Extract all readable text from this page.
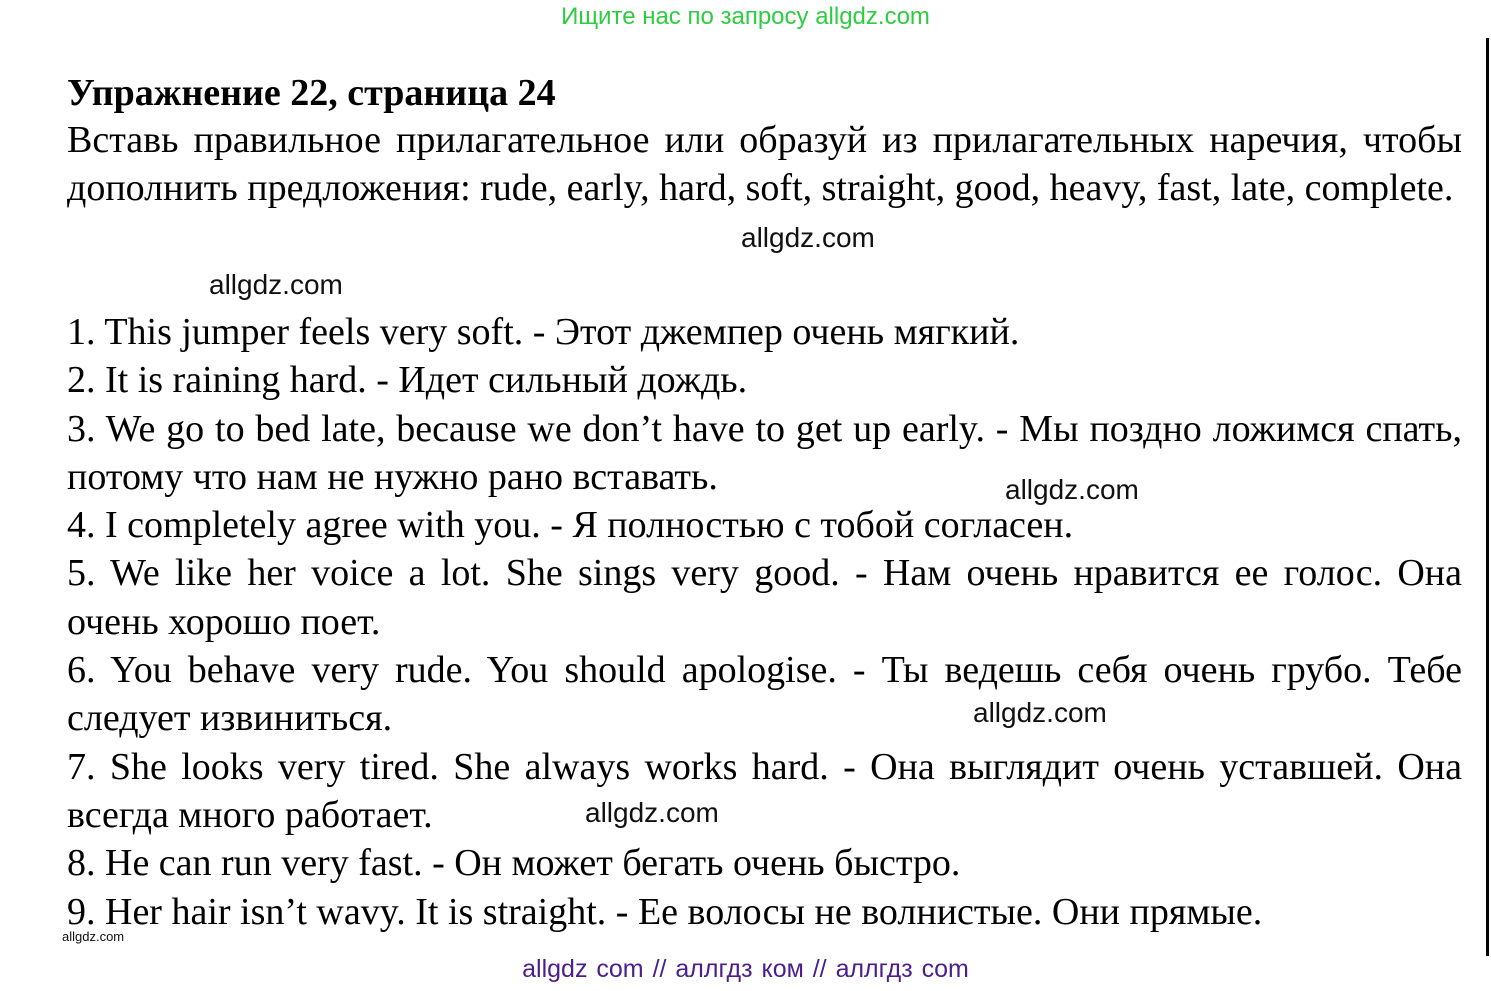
Ищите нас по запросу allgdz.com

Упражнение 22, страница 24

Вставь правильное прилагательное или образуй из прилагательных наречия, чтобы дополнить предложения: rude, early, hard, soft, straight, good, heavy, fast, late, complete.

1. This jumper feels very soft. - Этот джемпер очень мягкий.

2. It is raining hard. - Идет сильный дождь.

3. We go to bed late, because we don’t have to get up early. - Мы поздно ложимся спать, потому что нам не нужно рано вставать.

4. I completely agree with you. - Я полностью с тобой согласен.

5. We like her voice a lot. She sings very good. - Нам очень нравится ее голос. Она очень хорошо поет.

6. You behave very rude. You should apologise. - Ты ведешь себя очень грубо. Тебе следует извиниться.

7. She looks very tired. She always works hard. - Она выглядит очень уставшей. Она всегда много работает.

8. He can run very fast. - Он может бегать очень быстро.

9. Her hair isn’t wavy. It is straight. - Ее волосы не волнистые. Они прямые.

allgdz.com
allgdz.com
allgdz.com
allgdz.com
allgdz.com
allgdz.com
allgdz com // аллгдз ком // аллгдз com
